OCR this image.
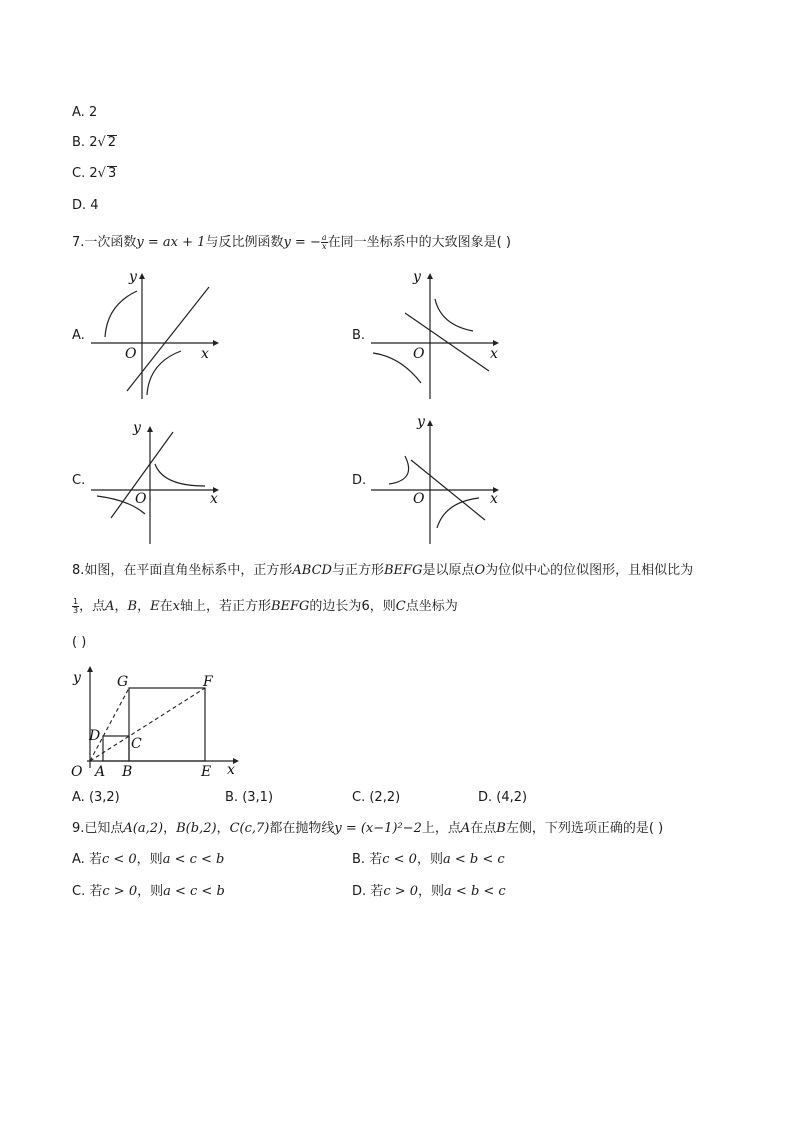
A. 2
B. 2√ 2
C. 2√ 3
D. 4
7.一次函数y = ax + 1与反比例函数y = − $\frac{a}{x}$ 在同一坐标系中的大致图象是( )
A.
y
O	x
B.
y
O	x
C.
y
O	x
D.
y
O	x
8.如图，在平面直角坐标系中，正方形ABCD与正方形BEFG是以原点O为位似中心的位似图形，且相似比为
$\frac{1}{3}$ ，点A，B，E在x轴上，若正方形BEFG的边长为6，则C点坐标为
( )
y
x
O A B	E
C
D
G	F
A. (3,2)	B. (3,1)	C. (2,2)	D. (4,2)
9.已知点A(a,2)，B(b,2)，C(c,7)都在抛物线y = (x−1)²−2上，点A在点B左侧，下列选项正确的是( )
A. 若c < 0，则a < c < b	B. 若c < 0，则a < b < c
C. 若c > 0，则a < c < b	D. 若c > 0，则a < b < c
